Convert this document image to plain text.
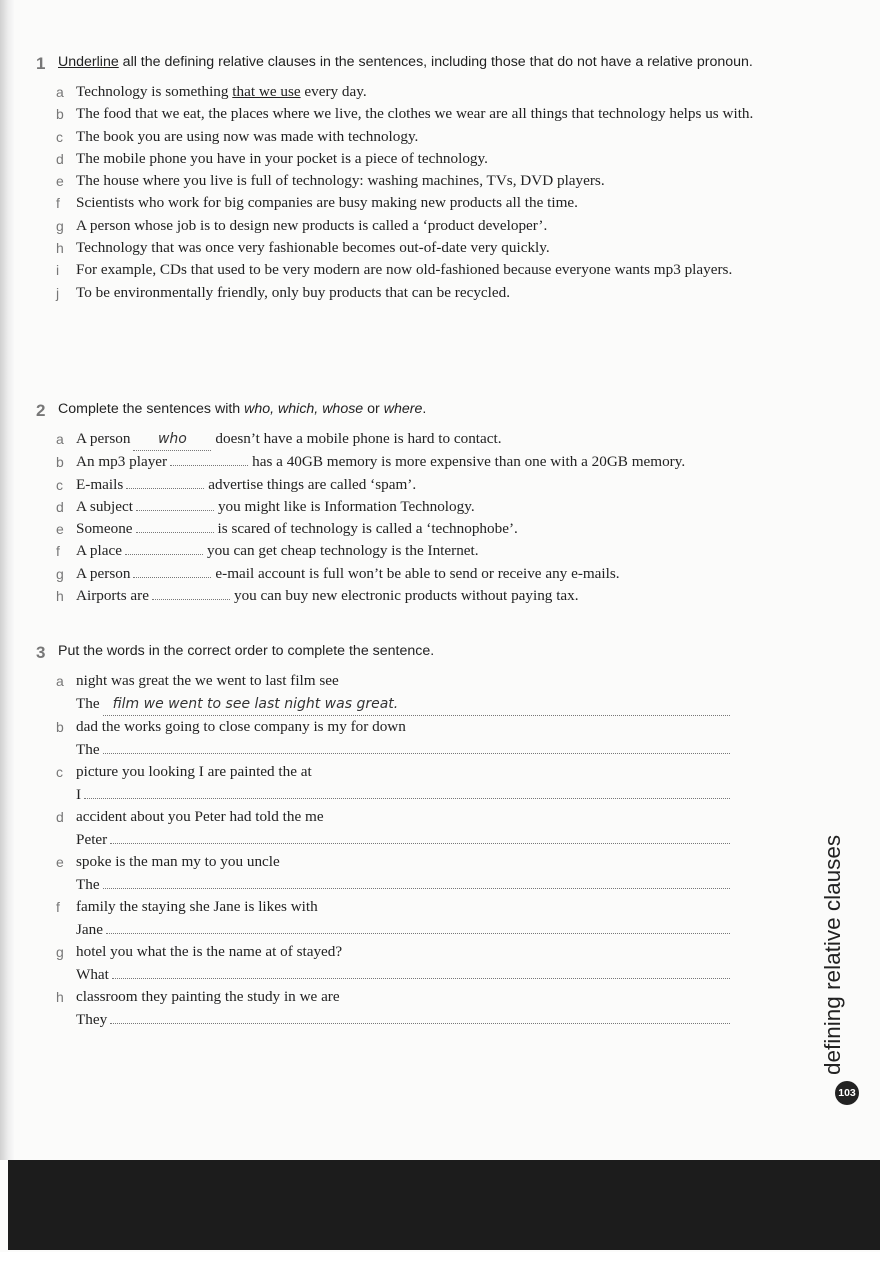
1 Underline all the defining relative clauses in the sentences, including those that do not have a relative pronoun.
a Technology is something that we use every day.
b The food that we eat, the places where we live, the clothes we wear are all things that technology helps us with.
c The book you are using now was made with technology.
d The mobile phone you have in your pocket is a piece of technology.
e The house where you live is full of technology: washing machines, TVs, DVD players.
f Scientists who work for big companies are busy making new products all the time.
g A person whose job is to design new products is called a ‘product developer’.
h Technology that was once very fashionable becomes out-of-date very quickly.
i For example, CDs that used to be very modern are now old-fashioned because everyone wants mp3 players.
j To be environmentally friendly, only buy products that can be recycled.
2 Complete the sentences with who, which, whose or where.
a A person who doesn’t have a mobile phone is hard to contact.
b An mp3 player	has a 40GB memory is more expensive than one with a 20GB memory.
c E-mails	advertise things are called ‘spam’.
d A subject	you might like is Information Technology.
e Someone	is scared of technology is called a ‘technophobe’.
f A place	you can get cheap technology is the Internet.
g A person	e-mail account is full won’t be able to send or receive any e-mails.
h Airports are	you can buy new electronic products without paying tax.
3 Put the words in the correct order to complete the sentence.
a night was great the we went to last film see
The film we went to see last night was great.
b dad the works going to close company is my for down
The
c picture you looking I are painted the at
I
d accident about you Peter had told the me
Peter
e spoke is the man my to you uncle
The
f family the staying she Jane is likes with
Jane
g hotel you what the is the name at of stayed?
What
h classroom they painting the study in we are
They	defining relative clauses
103
